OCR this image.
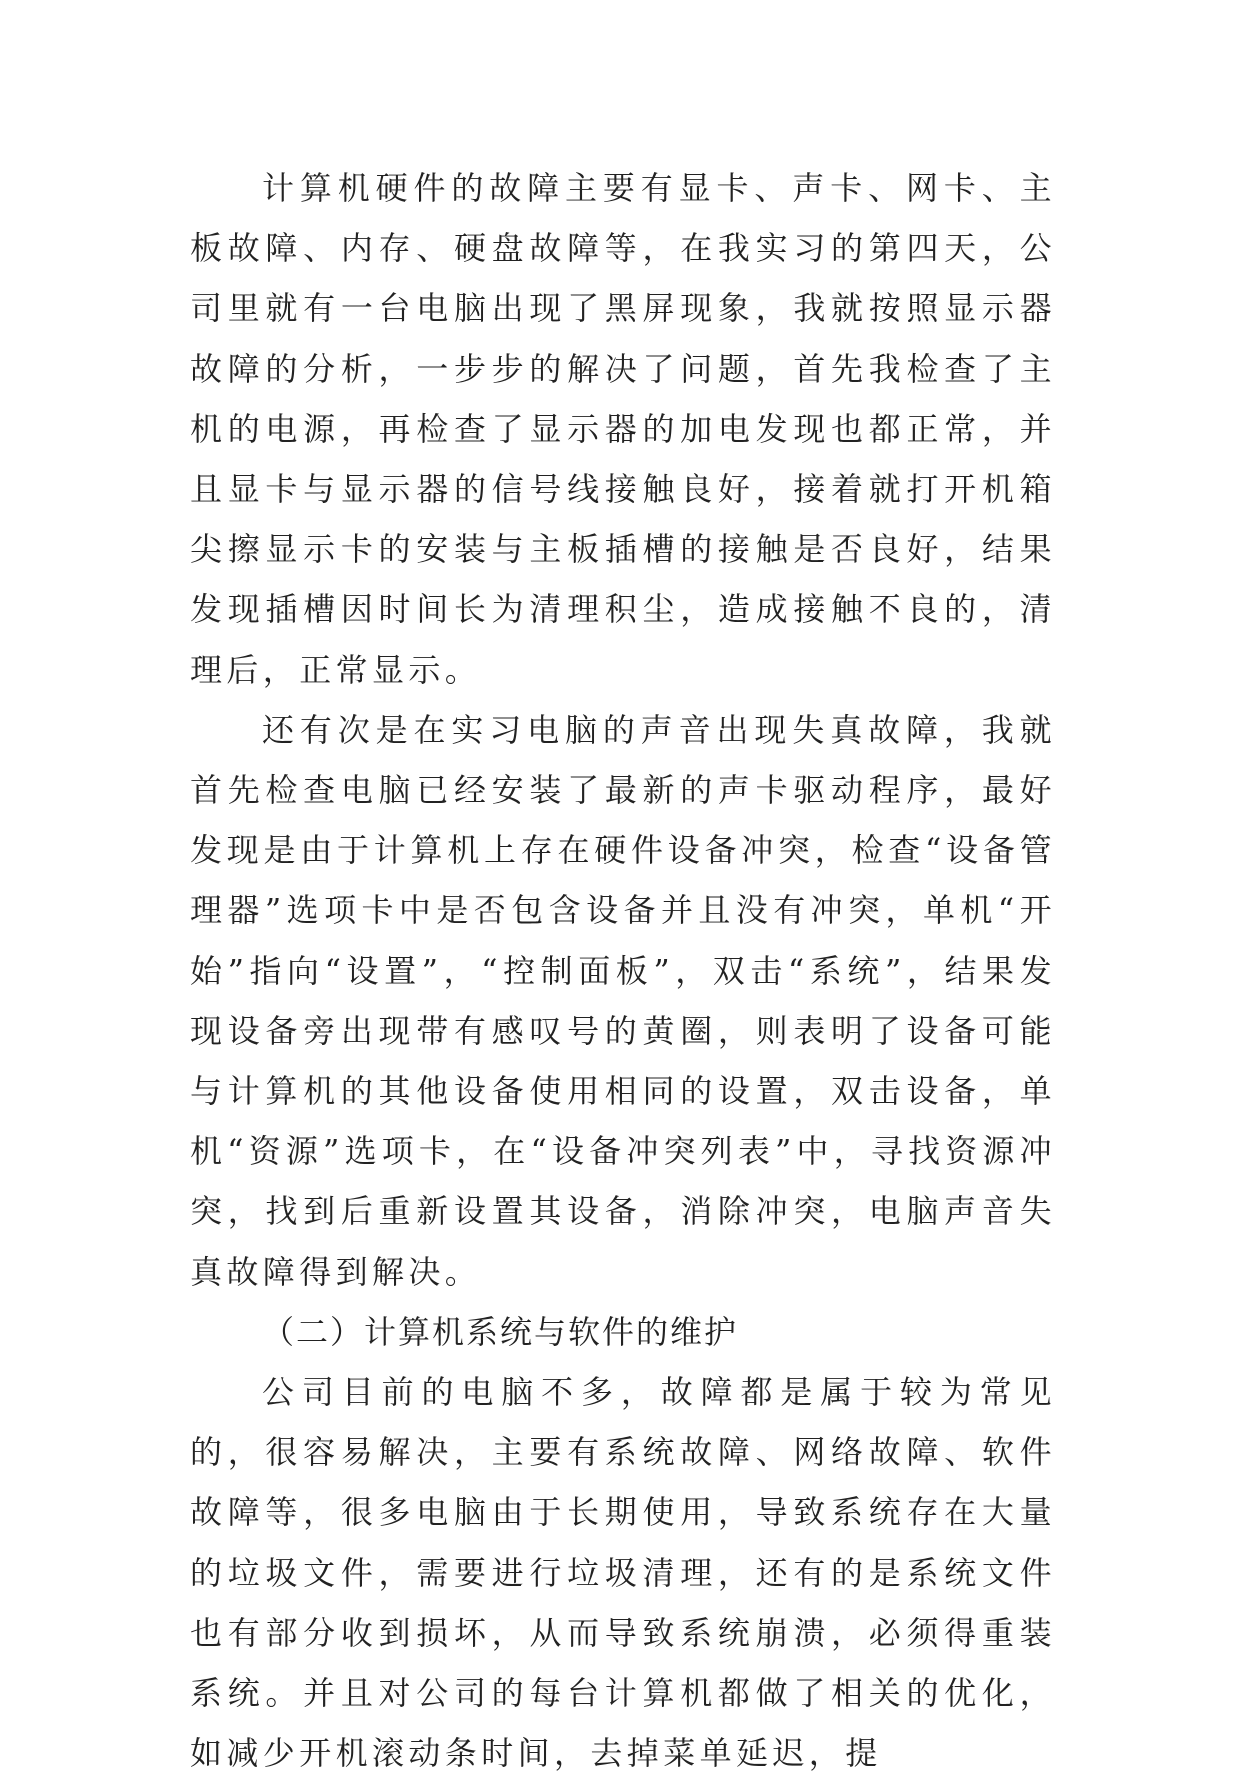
计算机硬件的故障主要有显卡、声卡、网卡、主板故障、内存、硬盘故障等，在我实习的第四天，公司里就有一台电脑出现了黑屏现象，我就按照显示器故障的分析，一步步的解决了问题，首先我检查了主机的电源，再检查了显示器的加电发现也都正常，并且显卡与显示器的信号线接触良好，接着就打开机箱尖擦显示卡的安装与主板插槽的接触是否良好，结果发现插槽因时间长为清理积尘，造成接触不良的，清理后，正常显示。

还有次是在实习电脑的声音出现失真故障，我就首先检查电脑已经安装了最新的声卡驱动程序，最好发现是由于计算机上存在硬件设备冲突，检查“设备管理器”选项卡中是否包含设备并且没有冲突，单机“开始”指向“设置”，“控制面板”，双击“系统”，结果发现设备旁出现带有感叹号的黄圈，则表明了设备可能与计算机的其他设备使用相同的设置，双击设备，单机“资源”选项卡，在“设备冲突列表”中，寻找资源冲突，找到后重新设置其设备，消除冲突，电脑声音失真故障得到解决。

（二）计算机系统与软件的维护

公司目前的电脑不多，故障都是属于较为常见的，很容易解决，主要有系统故障、网络故障、软件故障等，很多电脑由于长期使用，导致系统存在大量的垃圾文件，需要进行垃圾清理，还有的是系统文件也有部分收到损坏，从而导致系统崩溃，必须得重装系统。并且对公司的每台计算机都做了相关的优化，如减少开机滚动条时间，去掉菜单延迟，提
